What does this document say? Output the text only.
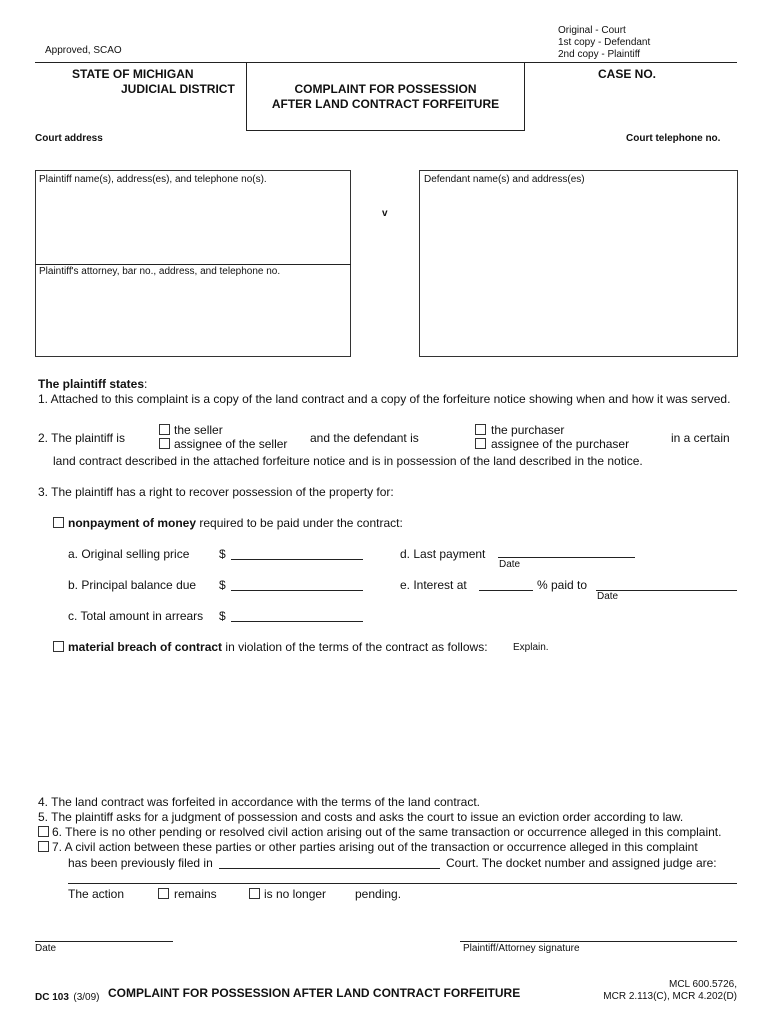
Original - Court
1st copy - Defendant
2nd copy - Plaintiff
Approved, SCAO
STATE OF MICHIGAN
JUDICIAL DISTRICT	COMPLAINT FOR POSSESSION
AFTER LAND CONTRACT FORFEITURE
CASE NO.
Court address	Court telephone no.
Plaintiff name(s), address(es), and telephone no(s).	Defendant name(s) and address(es)
v
Plaintiff's attorney, bar no., address, and telephone no.
The plaintiff states:
1. Attached to this complaint is a copy of the land contract and a copy of the forfeiture notice showing when and how it was served.
2. The plaintiff is
the seller
assignee of the seller and the defendant is
the purchaser
assignee of the purchaser	in a certain
land contract described in the attached forfeiture notice and is in possession of the land described in the notice.
3. The plaintiff has a right to recover possession of the property for:
nonpayment of money required to be paid under the contract:
a. Original selling price $	d. Last payment
Date
b. Principal balance due $	e. Interest at	% paid to
Date
c. Total amount in arrears $
material breach of contract in violation of the terms of the contract as follows:	Explain.
4. The land contract was forfeited in accordance with the terms of the land contract.
5. The plaintiff asks for a judgment of possession and costs and asks the court to issue an eviction order according to law.
6. There is no other pending or resolved civil action arising out of the same transaction or occurrence alleged in this complaint.
7. A civil action between these parties or other parties arising out of the transaction or occurrence alleged in this complaint
has been previously filed in	Court. The docket number and assigned judge are:
The action	remains	is no longer pending.
Date	Plaintiff/Attorney signature
DC 103 (3/09) COMPLAINT FOR POSSESSION AFTER LAND CONTRACT FORFEITURE
MCL 600.5726,
MCR 2.113(C), MCR 4.202(D)
